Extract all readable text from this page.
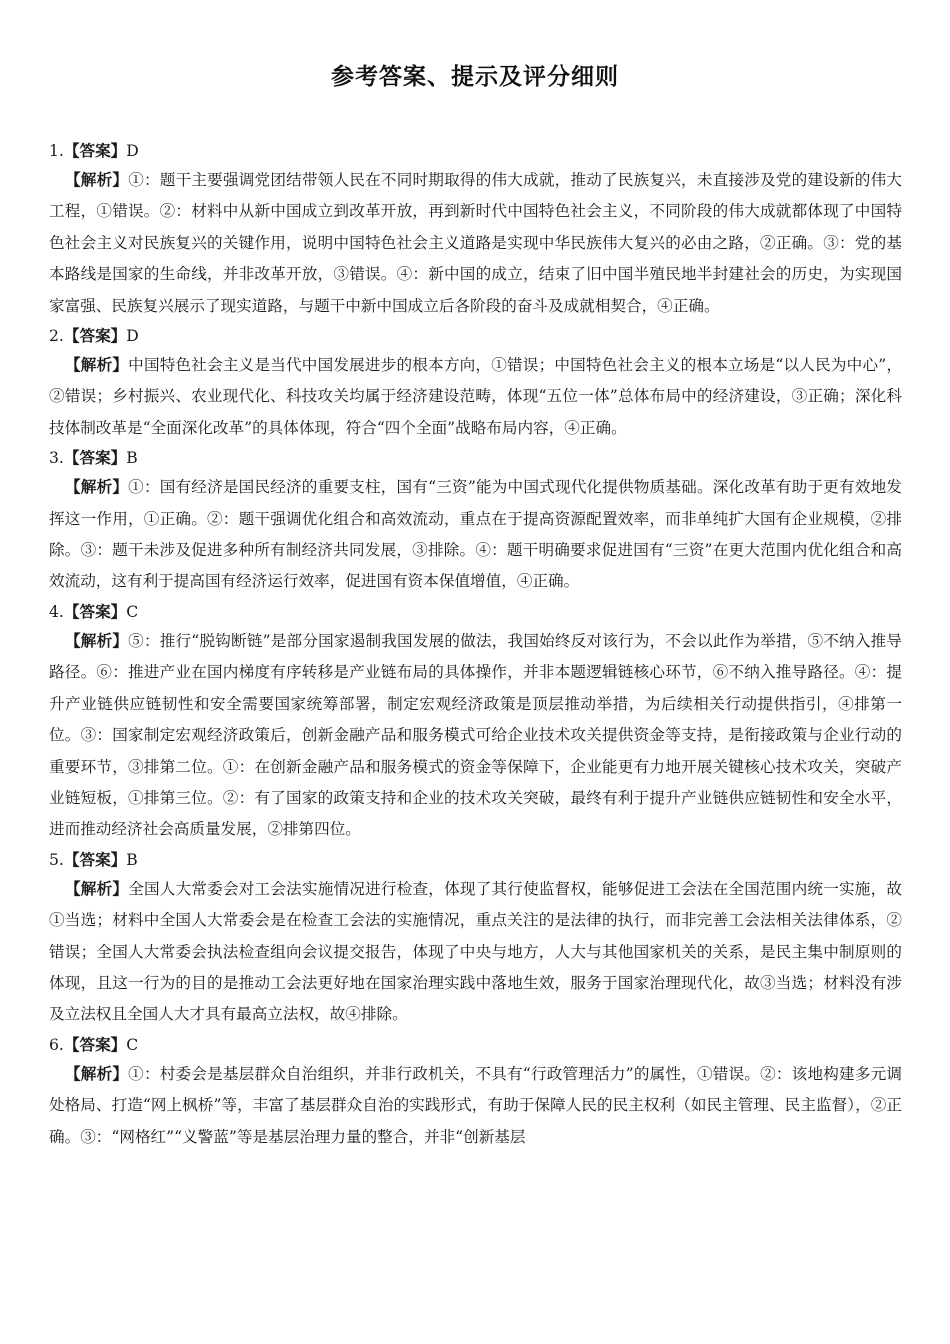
参考答案、提示及评分细则
1.【答案】D

【解析】①：题干主要强调党团结带领人民在不同时期取得的伟大成就，推动了民族复兴，未直接涉及党的建设新的伟大工程，①错误。②：材料中从新中国成立到改革开放，再到新时代中国特色社会主义，不同阶段的伟大成就都体现了中国特色社会主义对民族复兴的关键作用，说明中国特色社会主义道路是实现中华民族伟大复兴的必由之路，②正确。③：党的基本路线是国家的生命线，并非改革开放，③错误。④：新中国的成立，结束了旧中国半殖民地半封建社会的历史，为实现国家富强、民族复兴展示了现实道路，与题干中新中国成立后各阶段的奋斗及成就相契合，④正确。

2.【答案】D

【解析】中国特色社会主义是当代中国发展进步的根本方向，①错误；中国特色社会主义的根本立场是“以人民为中心”，②错误；乡村振兴、农业现代化、科技攻关均属于经济建设范畴，体现“五位一体”总体布局中的经济建设，③正确；深化科技体制改革是“全面深化改革”的具体体现，符合“四个全面”战略布局内容，④正确。

3.【答案】B

【解析】①：国有经济是国民经济的重要支柱，国有“三资”能为中国式现代化提供物质基础。深化改革有助于更有效地发挥这一作用，①正确。②：题干强调优化组合和高效流动，重点在于提高资源配置效率，而非单纯扩大国有企业规模，②排除。③：题干未涉及促进多种所有制经济共同发展，③排除。④：题干明确要求促进国有“三资”在更大范围内优化组合和高效流动，这有利于提高国有经济运行效率，促进国有资本保值增值，④正确。

4.【答案】C

【解析】⑤：推行“脱钩断链”是部分国家遏制我国发展的做法，我国始终反对该行为，不会以此作为举措，⑤不纳入推导路径。⑥：推进产业在国内梯度有序转移是产业链布局的具体操作，并非本题逻辑链核心环节，⑥不纳入推导路径。④：提升产业链供应链韧性和安全需要国家统筹部署，制定宏观经济政策是顶层推动举措，为后续相关行动提供指引，④排第一位。③：国家制定宏观经济政策后，创新金融产品和服务模式可给企业技术攻关提供资金等支持，是衔接政策与企业行动的重要环节，③排第二位。①：在创新金融产品和服务模式的资金等保障下，企业能更有力地开展关键核心技术攻关，突破产业链短板，①排第三位。②：有了国家的政策支持和企业的技术攻关突破，最终有利于提升产业链供应链韧性和安全水平，进而推动经济社会高质量发展，②排第四位。

5.【答案】B

【解析】全国人大常委会对工会法实施情况进行检查，体现了其行使监督权，能够促进工会法在全国范围内统一实施，故①当选；材料中全国人大常委会是在检查工会法的实施情况，重点关注的是法律的执行，而非完善工会法相关法律体系，②错误；全国人大常委会执法检查组向会议提交报告，体现了中央与地方，人大与其他国家机关的关系，是民主集中制原则的体现，且这一行为的目的是推动工会法更好地在国家治理实践中落地生效，服务于国家治理现代化，故③当选；材料没有涉及立法权且全国人大才具有最高立法权，故④排除。

6.【答案】C

【解析】①：村委会是基层群众自治组织，并非行政机关，不具有“行政管理活力”的属性，①错误。②：该地构建多元调处格局、打造“网上枫桥”等，丰富了基层群众自治的实践形式，有助于保障人民的民主权利（如民主管理、民主监督），②正确。③：“网格红”“义警蓝”等是基层治理力量的整合，并非“创新基层
